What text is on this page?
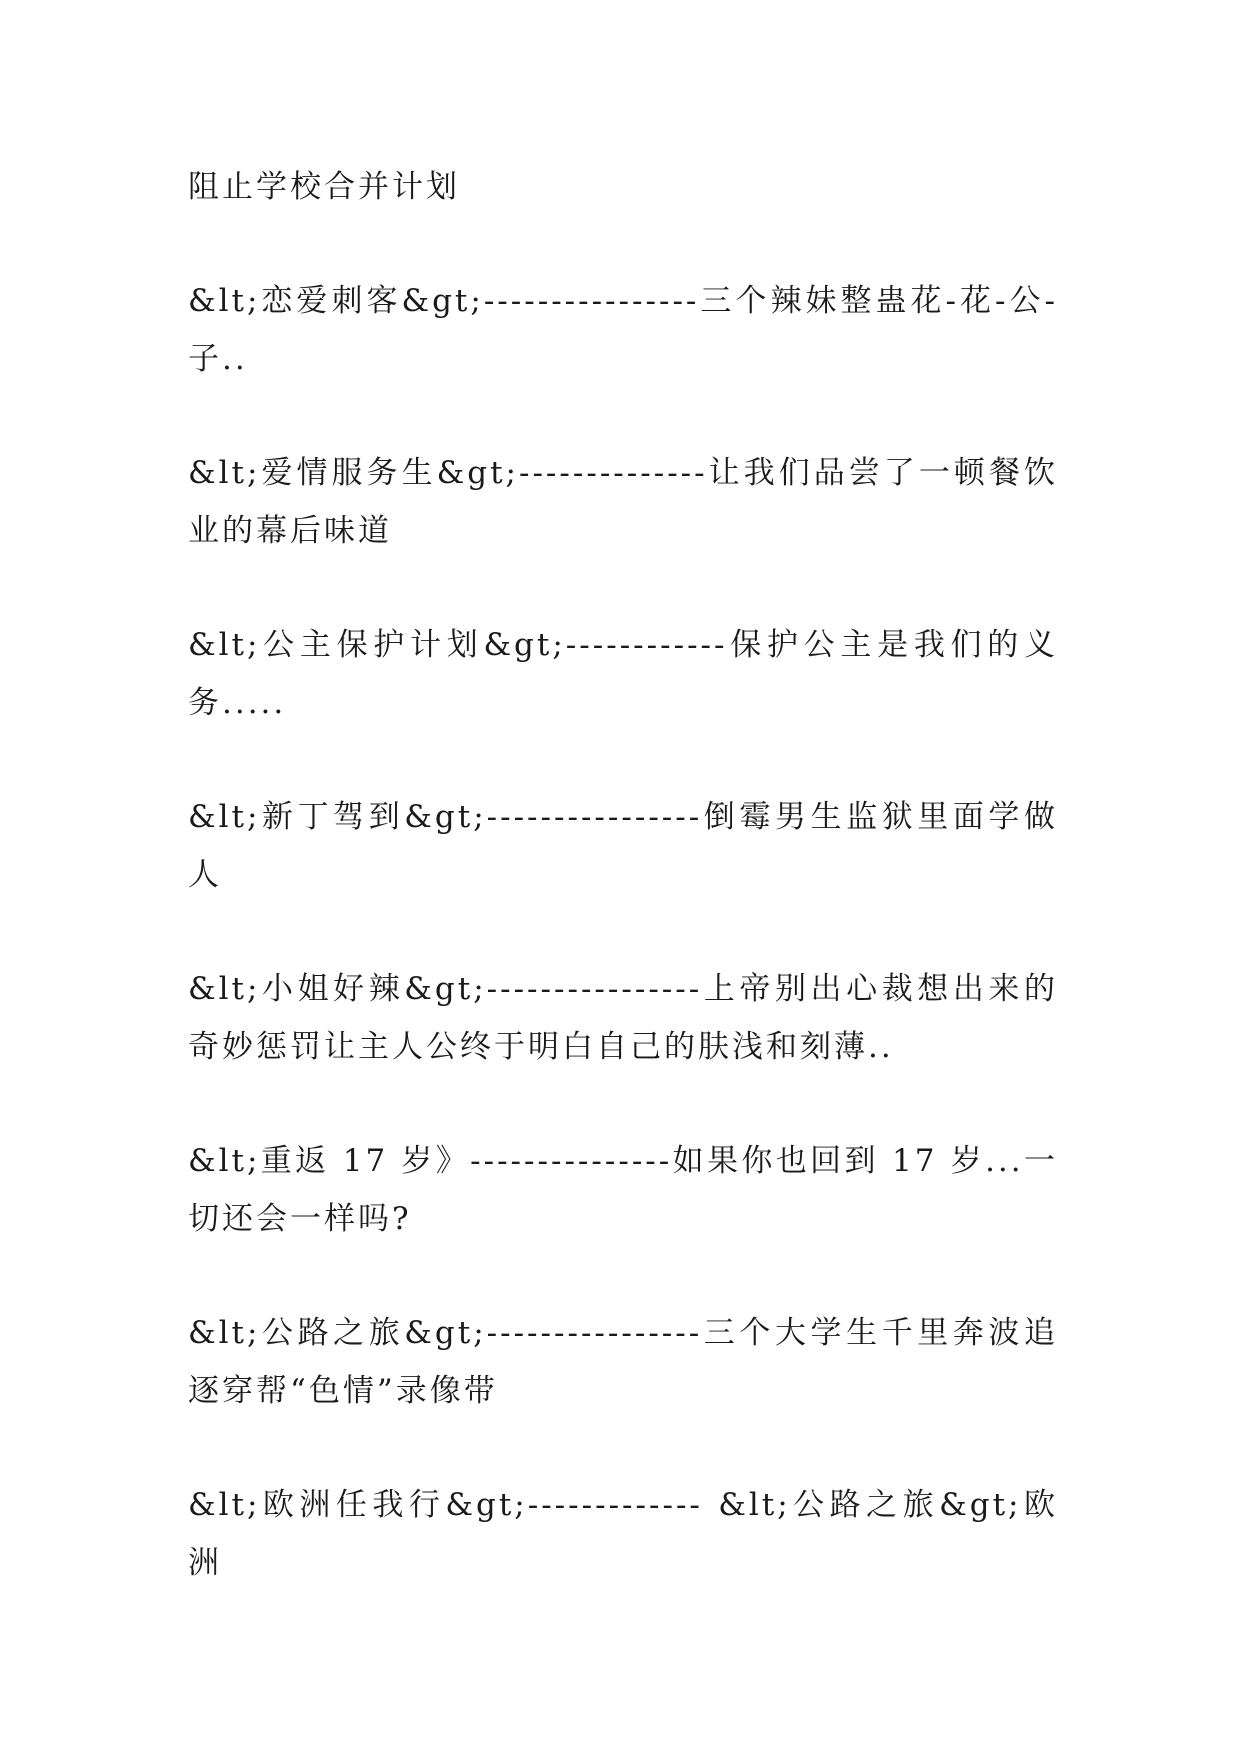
阻止学校合并计划

&lt;恋爱刺客&gt;----------------三个辣妹整蛊花-花-公-子..

&lt;爱情服务生&gt;--------------让我们品尝了一顿餐饮业的幕后味道

&lt;公主保护计划&gt;------------保护公主是我们的义务.....

&lt;新丁驾到&gt;----------------倒霉男生监狱里面学做人

&lt;小姐好辣&gt;----------------上帝别出心裁想出来的奇妙惩罚让主人公终于明白自己的肤浅和刻薄..

&lt;重返 17 岁》---------------如果你也回到 17 岁...一切还会一样吗?

&lt;公路之旅&gt;----------------三个大学生千里奔波追逐穿帮“色情”录像带

&lt;欧洲任我行&gt;------------- &lt;公路之旅&gt;欧洲
